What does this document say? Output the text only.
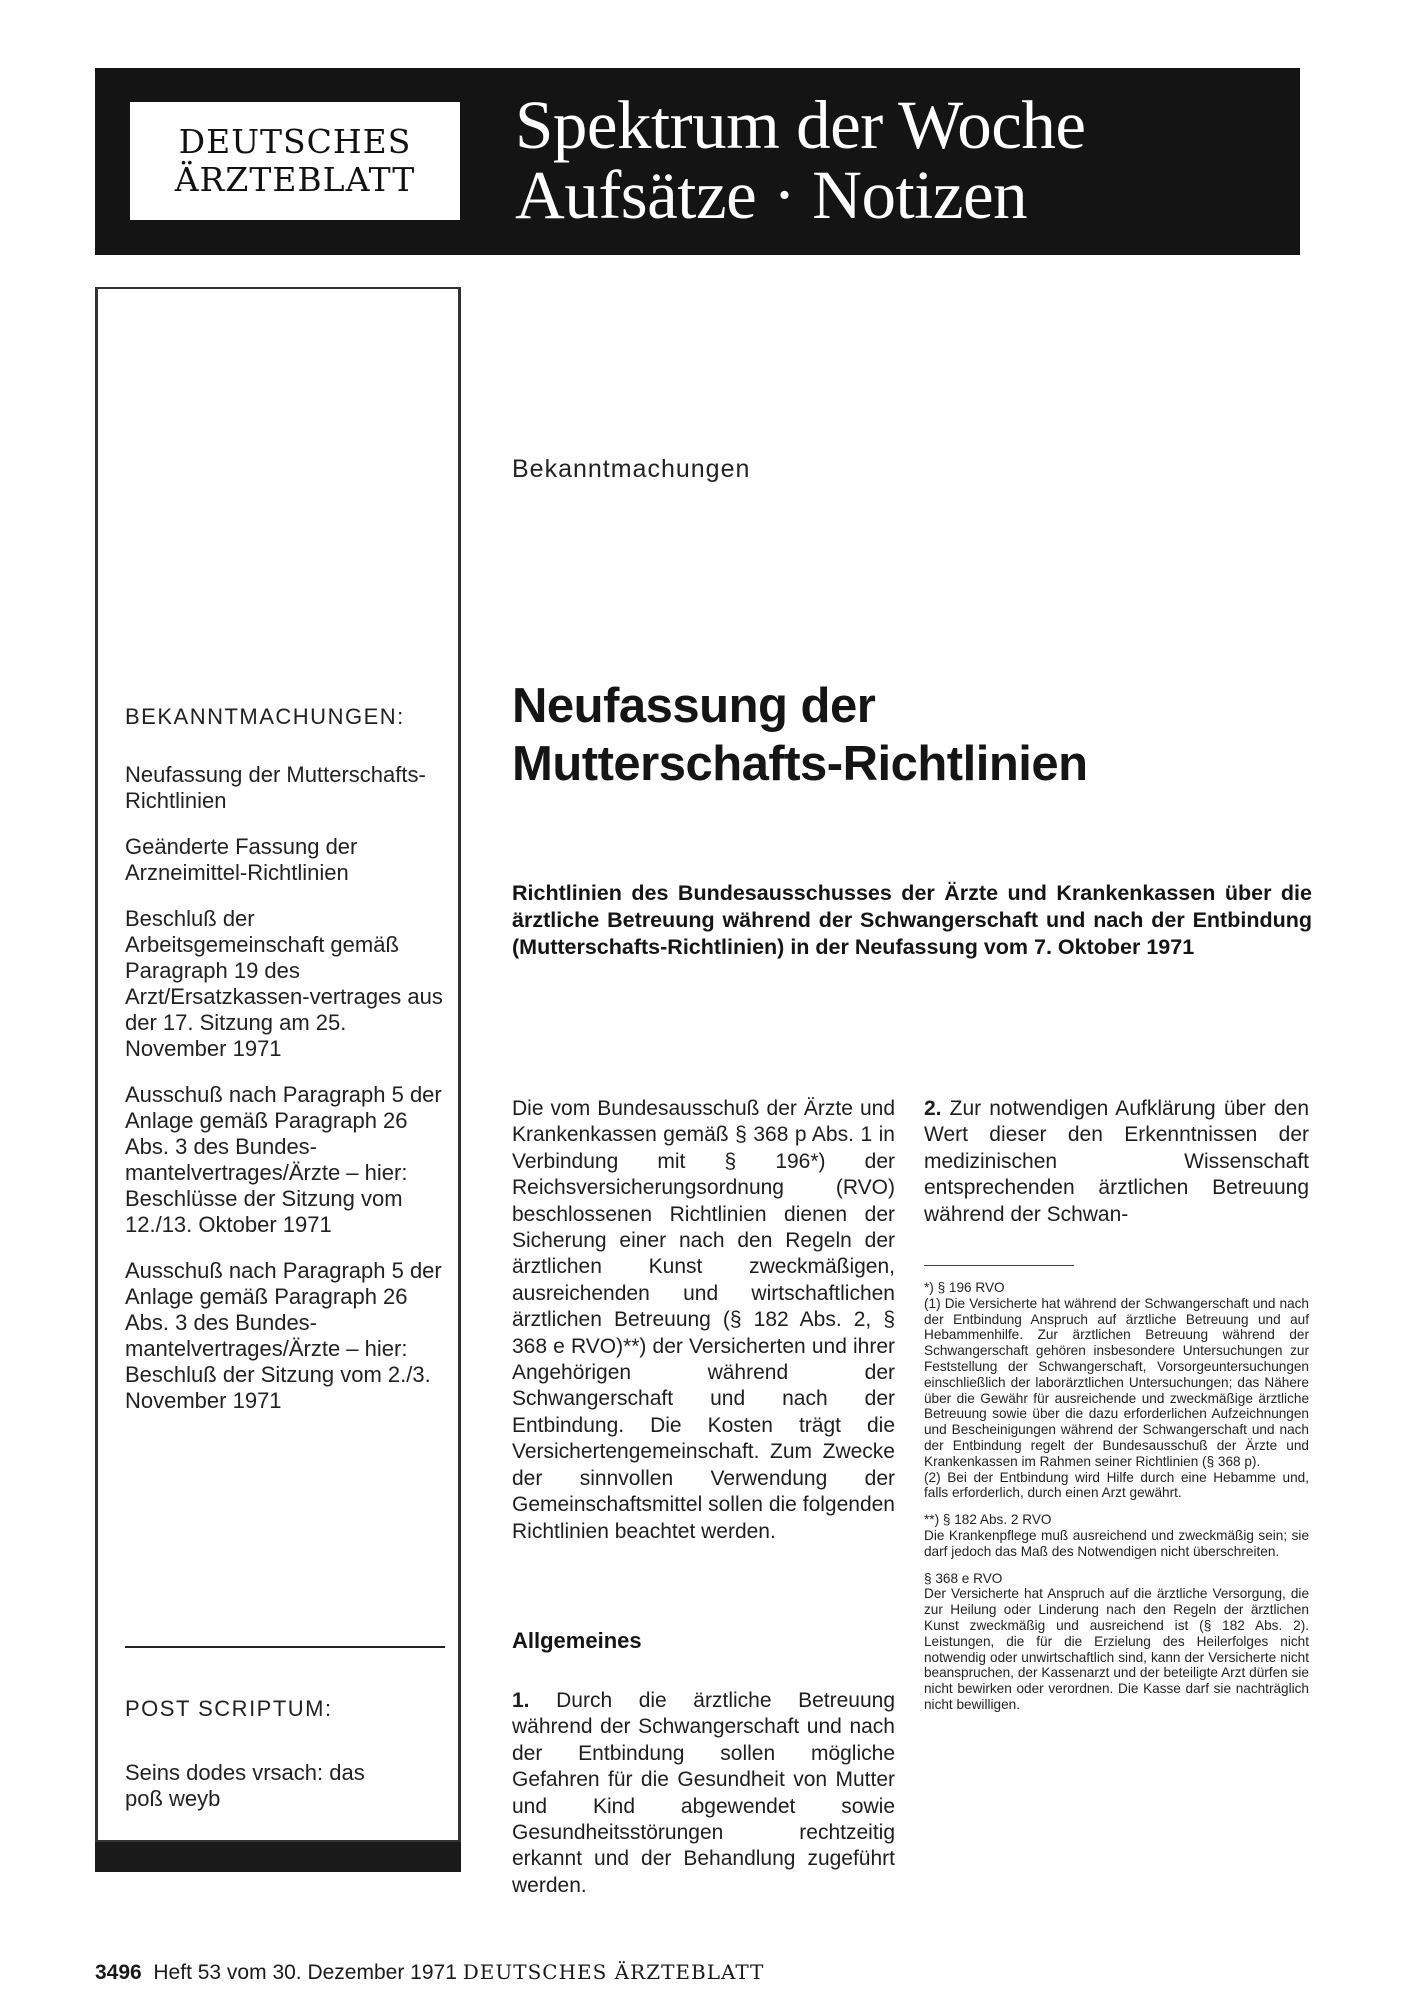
DEUTSCHES
ÄRZTEBLATT
Spektrum der Woche
Aufsätze · Notizen
BEKANNTMACHUNGEN:

Neufassung der Mutterschafts-Richtlinien

Geänderte Fassung der Arzneimittel-Richtlinien

Beschluß der Arbeitsgemeinschaft gemäß Paragraph 19 des Arzt/Ersatzkassen-vertrages aus der 17. Sitzung am 25. November 1971

Ausschuß nach Paragraph 5 der Anlage gemäß Paragraph 26 Abs. 3 des Bundes-mantelvertrages/Ärzte – hier: Beschlüsse der Sitzung vom 12./13. Oktober 1971

Ausschuß nach Paragraph 5 der Anlage gemäß Paragraph 26 Abs. 3 des Bundes-mantelvertrages/Ärzte – hier: Beschluß der Sitzung vom 2./3. November 1971

POST SCRIPTUM:
Seins dodes vrsach: das poß weyb
Bekanntmachungen
Neufassung der
Mutterschafts-Richtlinien
Richtlinien des Bundesausschusses der Ärzte und Krankenkassen über die ärztliche Betreuung während der Schwangerschaft und nach der Entbindung (Mutterschafts-Richtlinien) in der Neufassung vom 7. Oktober 1971
Die vom Bundesausschuß der Ärzte und Krankenkassen gemäß § 368 p Abs. 1 in Verbindung mit § 196*) der Reichsversicherungsordnung (RVO) beschlossenen Richtlinien dienen der Sicherung einer nach den Regeln der ärztlichen Kunst zweckmäßigen, ausreichenden und wirtschaftlichen ärztlichen Betreuung (§ 182 Abs. 2, § 368 e RVO)**) der Versicherten und ihrer Angehörigen während der Schwangerschaft und nach der Entbindung. Die Kosten trägt die Versichertengemeinschaft. Zum Zwecke der sinnvollen Verwendung der Gemeinschaftsmittel sollen die folgenden Richtlinien beachtet werden.
Allgemeines
1. Durch die ärztliche Betreuung während der Schwangerschaft und nach der Entbindung sollen mögliche Gefahren für die Gesundheit von Mutter und Kind abgewendet sowie Gesundheitsstörungen rechtzeitig erkannt und der Behandlung zugeführt werden.
2. Zur notwendigen Aufklärung über den Wert dieser den Erkenntnissen der medizinischen Wissenschaft entsprechenden ärztlichen Betreuung während der Schwan-
*) § 196 RVO

(1) Die Versicherte hat während der Schwangerschaft und nach der Entbindung Anspruch auf ärztliche Betreuung und auf Hebammenhilfe. Zur ärztlichen Betreuung während der Schwangerschaft gehören insbesondere Untersuchungen zur Feststellung der Schwangerschaft, Vorsorgeuntersuchungen einschließlich der laborärztlichen Untersuchungen; das Nähere über die Gewähr für ausreichende und zweckmäßige ärztliche Betreuung sowie über die dazu erforderlichen Aufzeichnungen und Bescheinigungen während der Schwangerschaft und nach der Entbindung regelt der Bundesausschuß der Ärzte und Krankenkassen im Rahmen seiner Richtlinien (§ 368 p).

(2) Bei der Entbindung wird Hilfe durch eine Hebamme und, falls erforderlich, durch einen Arzt gewährt.

**) § 182 Abs. 2 RVO

Die Krankenpflege muß ausreichend und zweckmäßig sein; sie darf jedoch das Maß des Notwendigen nicht überschreiten.

§ 368 e RVO

Der Versicherte hat Anspruch auf die ärztliche Versorgung, die zur Heilung oder Linderung nach den Regeln der ärztlichen Kunst zweckmäßig und ausreichend ist (§ 182 Abs. 2). Leistungen, die für die Erzielung des Heilerfolges nicht notwendig oder unwirtschaftlich sind, kann der Versicherte nicht beanspruchen, der Kassenarzt und der beteiligte Arzt dürfen sie nicht bewirken oder verordnen. Die Kasse darf sie nachträglich nicht bewilligen.

3496 Heft 53 vom 30. Dezember 1971 DEUTSCHES ÄRZTEBLATT
